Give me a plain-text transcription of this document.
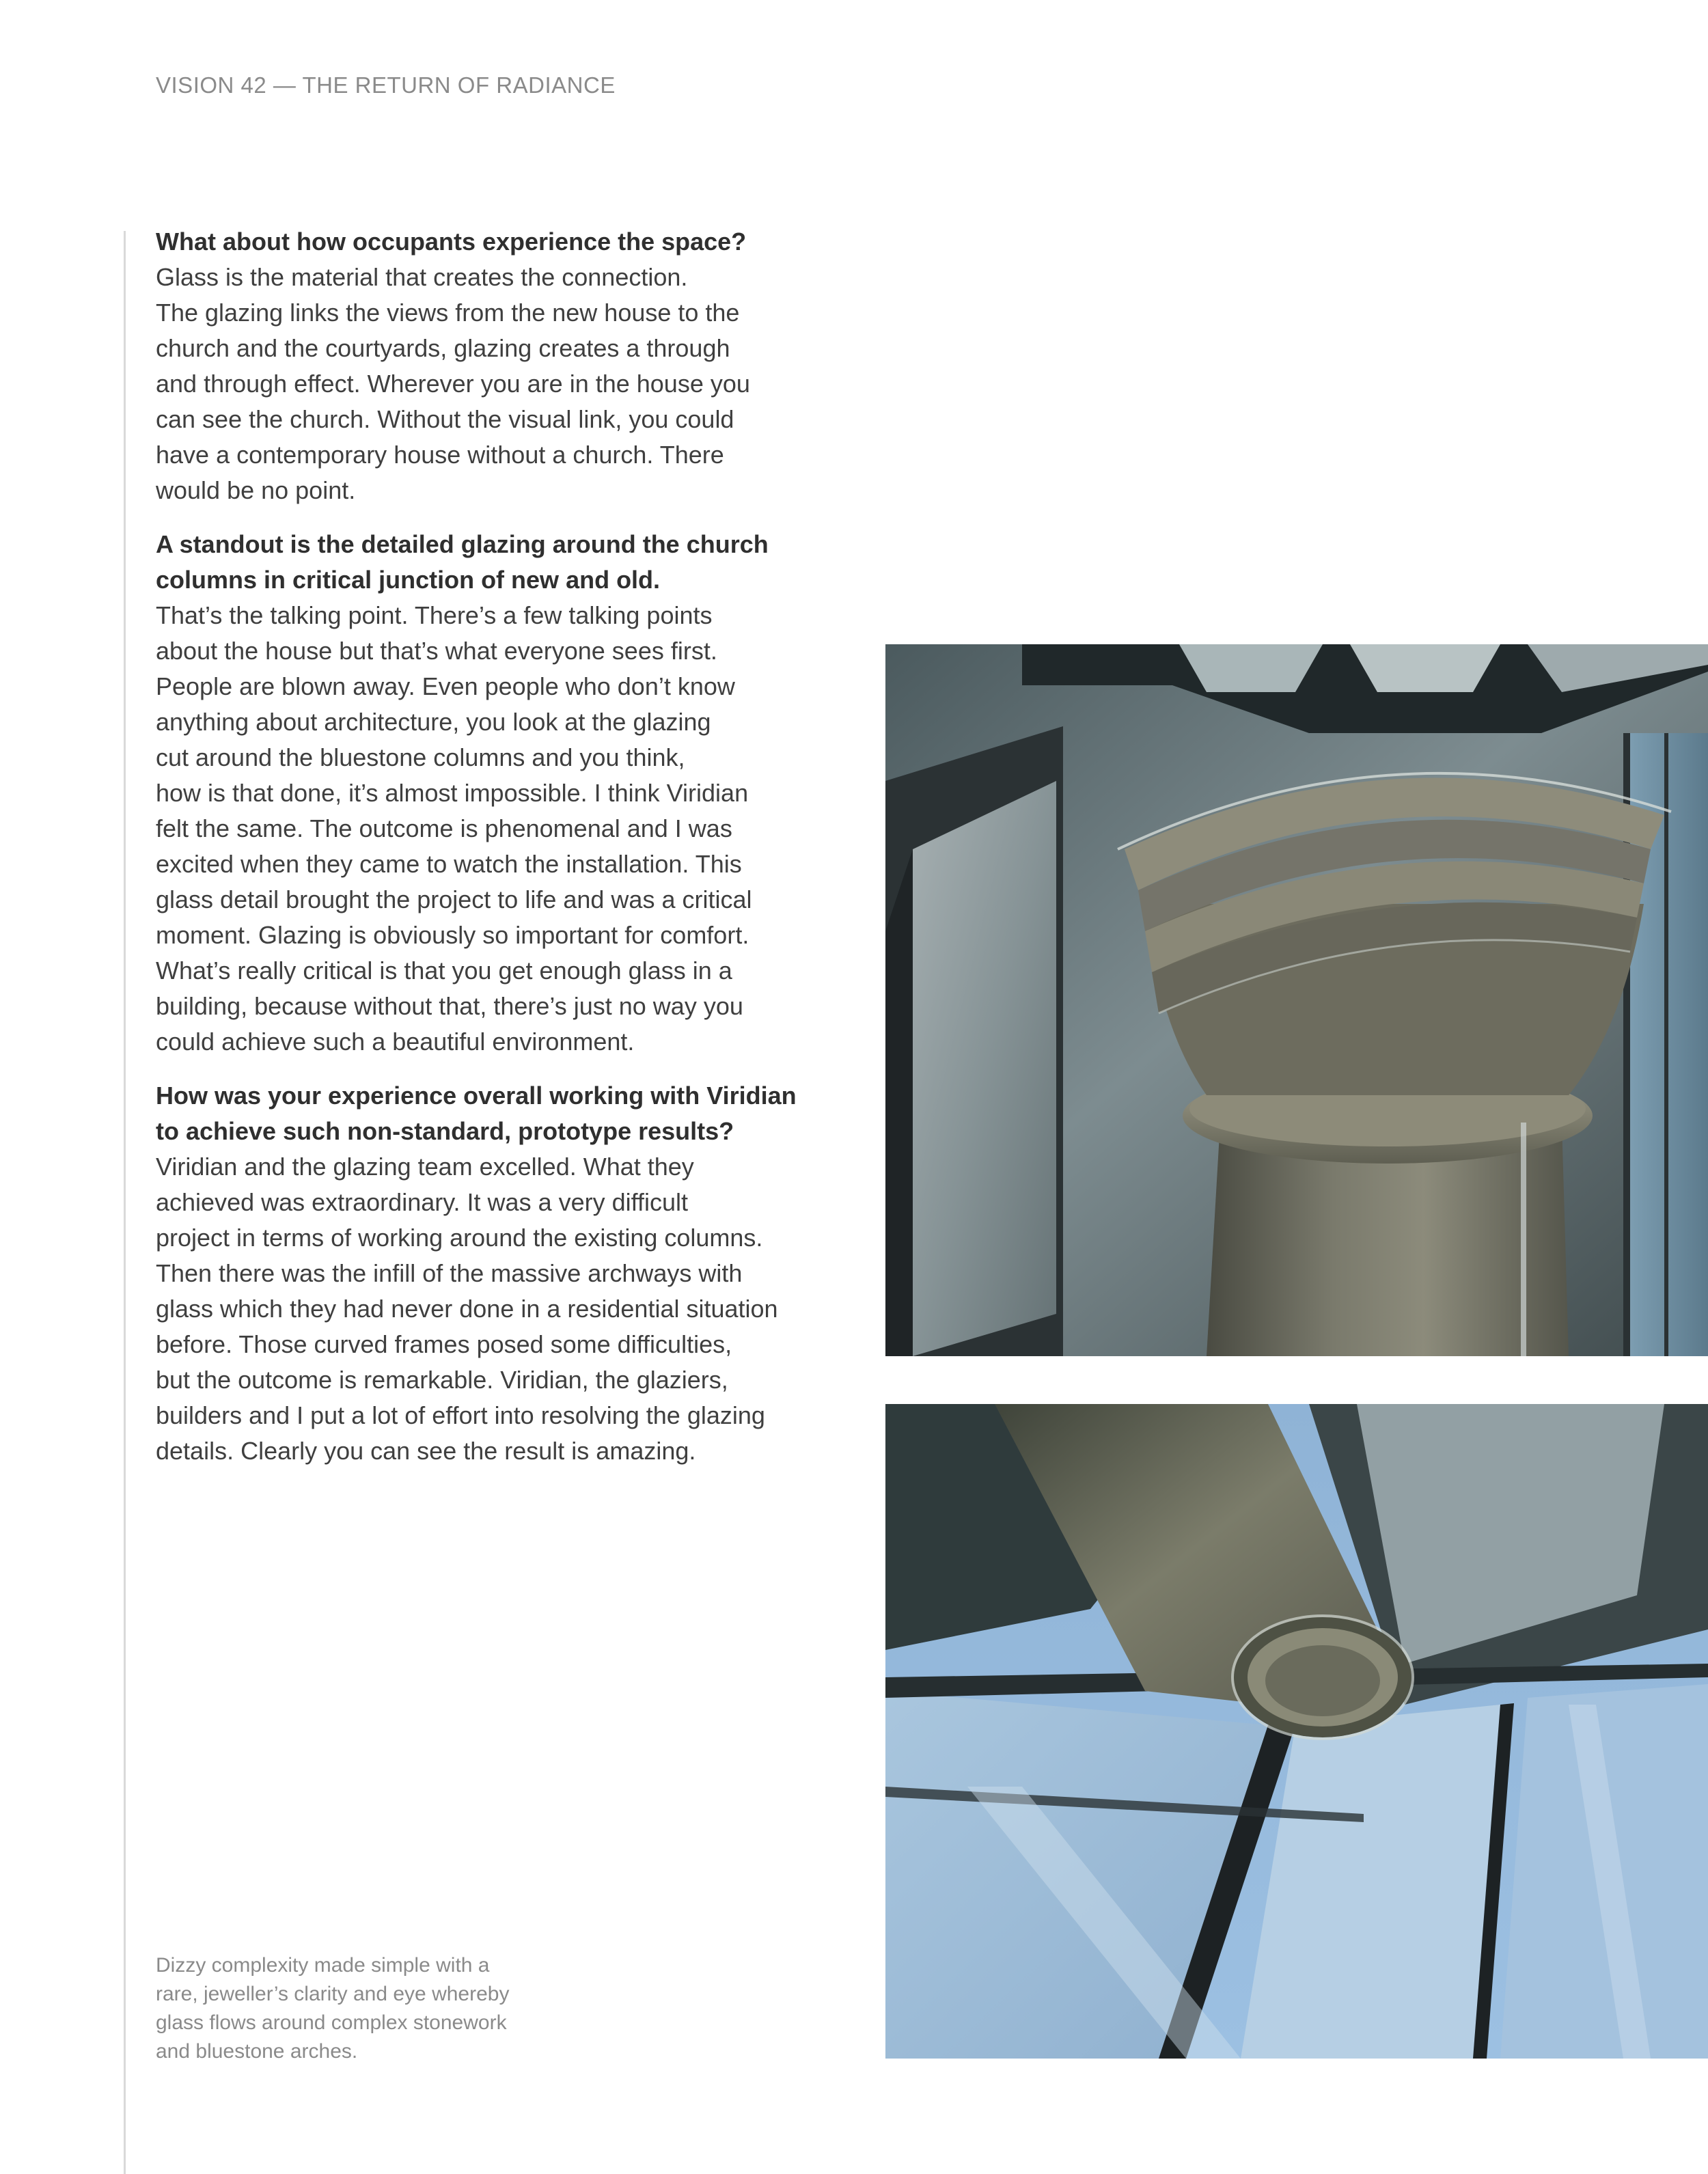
VISION 42 — THE RETURN OF RADIANCE
What about how occupants experience the space?
Glass is the material that creates the connection.
The glazing links the views from the new house to the
church and the courtyards, glazing creates a through
and through effect. Wherever you are in the house you
can see the church. Without the visual link, you could
have a contemporary house without a church. There
would be no point.
A standout is the detailed glazing around the church
columns in critical junction of new and old.
That’s the talking point. There’s a few talking points
about the house but that’s what everyone sees first.
People are blown away. Even people who don’t know
anything about architecture, you look at the glazing
cut around the bluestone columns and you think,
how is that done, it’s almost impossible. I think Viridian
felt the same. The outcome is phenomenal and I was
excited when they came to watch the installation. This
glass detail brought the project to life and was a critical
moment. Glazing is obviously so important for comfort.
What’s really critical is that you get enough glass in a
building, because without that, there’s just no way you
could achieve such a beautiful environment.
How was your experience overall working with Viridian
to achieve such non-standard, prototype results?
Viridian and the glazing team excelled. What they
achieved was extraordinary. It was a very difficult
project in terms of working around the existing columns.
Then there was the infill of the massive archways with
glass which they had never done in a residential situation
before. Those curved frames posed some difficulties,
but the outcome is remarkable. Viridian, the glaziers,
builders and I put a lot of effort into resolving the glazing
details. Clearly you can see the result is amazing.
Dizzy complexity made simple with a
rare, jeweller’s clarity and eye whereby
glass flows around complex stonework
and bluestone arches.
